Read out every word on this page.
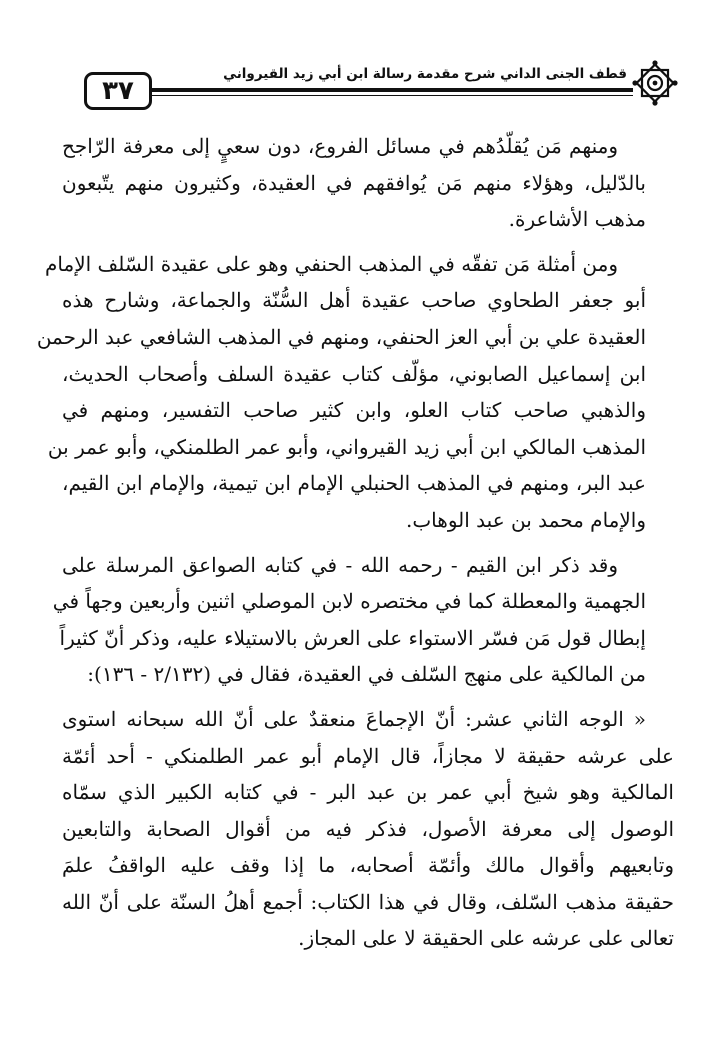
٣٧
قطف الجنى الداني شرح مقدمة رسالة ابن أبي زيد القيرواني

ومنهم مَن يُقلّدُهم في مسائل الفروع، دون سعيٍ إلى معرفة الرّاجح
بالدّليل، وهؤلاء منهم مَن يُوافقهم في العقيدة، وكثيرون منهم يتّبعون
مذهب الأشاعرة.

ومن أمثلة مَن تفقّه في المذهب الحنفي وهو على عقيدة السّلف الإمام
أبو جعفر الطحاوي صاحب عقيدة أهل السُّنّة والجماعة، وشارح هذه
العقيدة علي بن أبي العز الحنفي، ومنهم في المذهب الشافعي عبد الرحمن
ابن إسماعيل الصابوني، مؤلّف كتاب عقيدة السلف وأصحاب الحديث،
والذهبي صاحب كتاب العلو، وابن كثير صاحب التفسير، ومنهم في
المذهب المالكي ابن أبي زيد القيرواني، وأبو عمر الطلمنكي، وأبو عمر بن
عبد البر، ومنهم في المذهب الحنبلي الإمام ابن تيمية، والإمام ابن القيم،
والإمام محمد بن عبد الوهاب.

وقد ذكر ابن القيم - رحمه الله - في كتابه الصواعق المرسلة على
الجهمية والمعطلة كما في مختصره لابن الموصلي اثنين وأربعين وجهاً في
إبطال قول مَن فسّر الاستواء على العرش بالاستيلاء عليه، وذكر أنّ كثيراً
من المالكية على منهج السّلف في العقيدة، فقال في (٢/١٣٢ - ١٣٦):

« الوجه الثاني عشر: أنّ الإجماعَ منعقدٌ على أنّ الله سبحانه استوى
على عرشه حقيقة لا مجازاً، قال الإمام أبو عمر الطلمنكي - أحد أئمّة
المالكية وهو شيخ أبي عمر بن عبد البر - في كتابه الكبير الذي سمّاه
الوصول إلى معرفة الأصول، فذكر فيه من أقوال الصحابة والتابعين
وتابعيهم وأقوال مالك وأئمّة أصحابه، ما إذا وقف عليه الواقفُ علمَ
حقيقة مذهب السّلف، وقال في هذا الكتاب: أجمع أهلُ السنّة على أنّ الله
تعالى على عرشه على الحقيقة لا على المجاز.
